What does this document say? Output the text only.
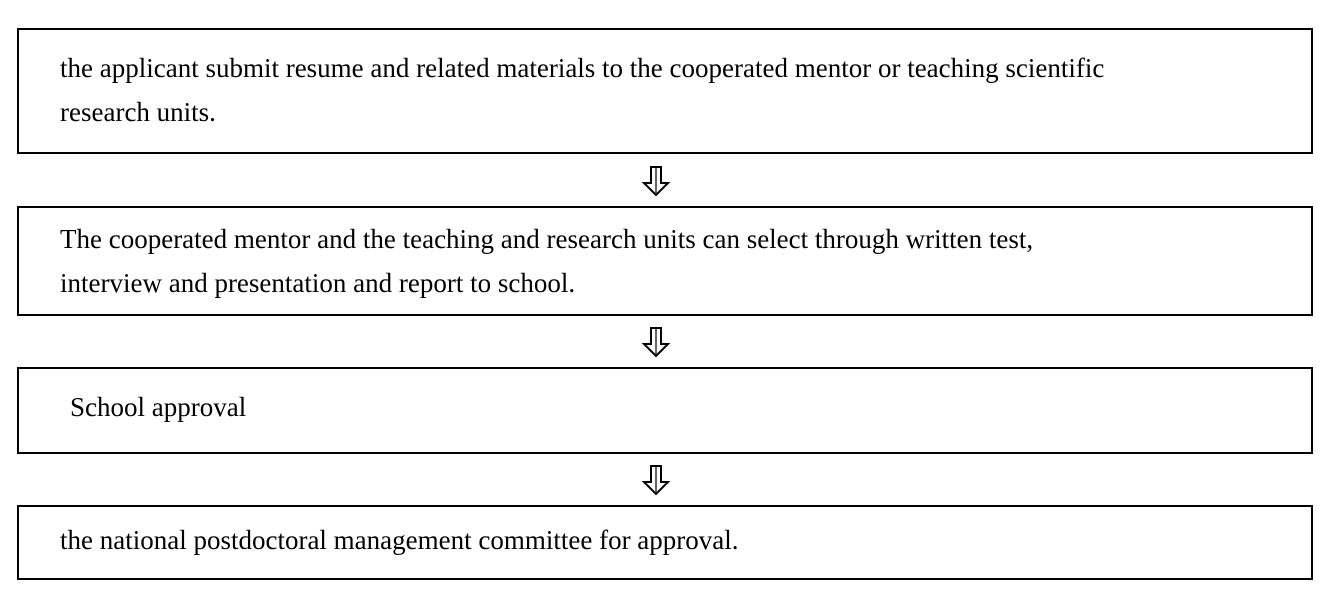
the applicant submit resume and related materials to the cooperated mentor or teaching scientific
research units.
The cooperated mentor and the teaching and research units can select through written test,
interview and presentation and report to school.
School approval
the national postdoctoral management committee for approval.
